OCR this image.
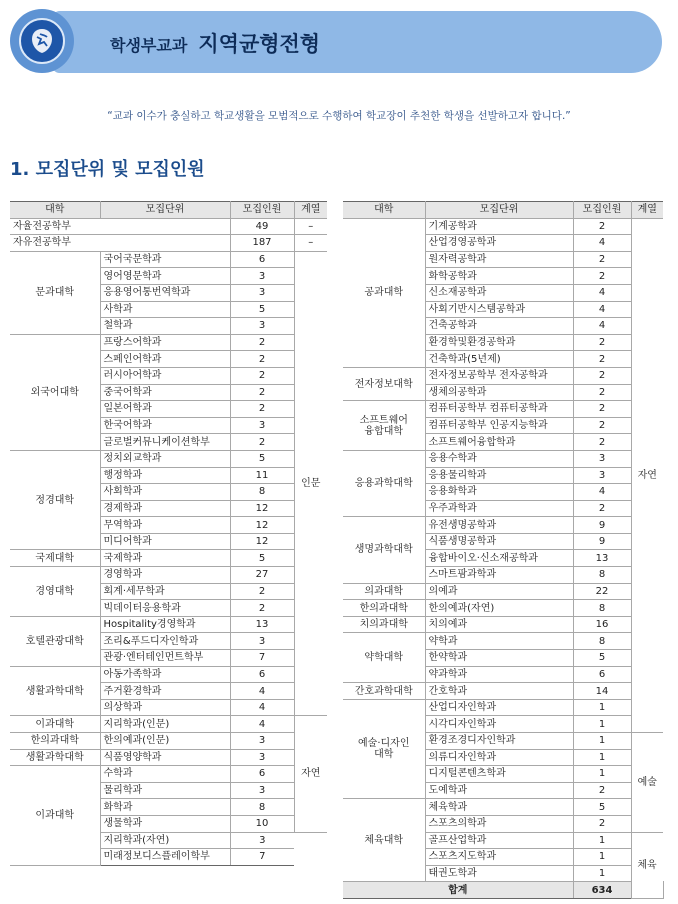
학생부교과 지역균형전형
“교과 이수가 충실하고 학교생활을 모범적으로 수행하여 학교장이 추천한 학생을 선발하고자 합니다.”
1. 모집단위 및 모집인원
대학	모집단위	모집인원	계열
자율전공학부		49	–
자유전공학부		187	–
문과대학	국어국문학과	6	인문
	영어영문학과	3	
	응용영어통번역학과	3	
	사학과	5	
	철학과	3	
외국어대학	프랑스어학과	2	
	스페인어학과	2	
	러시아어학과	2	
	중국어학과	2	
	일본어학과	2	
	한국어학과	3	
	글로벌커뮤니케이션학부	2	
정경대학	정치외교학과	5	
	행정학과	11	
	사회학과	8	
	경제학과	12	
	무역학과	12	
	미디어학과	12	
국제대학	국제학과	5	
경영대학	경영학과	27	
	회계·세무학과	2	
	빅데이터응용학과	2	
호텔관광대학	Hospitality경영학과	13	
	조리&푸드디자인학과	3	
	관광·엔터테인먼트학부	7	
생활과학대학	아동가족학과	6	
	주거환경학과	4	
	의상학과	4	
이과대학	지리학과(인문)	4	자연
한의과대학	한의예과(인문)	3	
생활과학대학	식품영양학과	3	
이과대학	수학과	6	
	물리학과	3	
	화학과	8	
	생물학과	10	
	지리학과(자연)	3	
	미래정보디스플레이학부	7	
대학	모집단위	모집인원	계열	
공과대학	기계공학과	2	자연	
	산업경영공학과	4		
	원자력공학과	2		
	화학공학과	2		
	신소재공학과	4		
	사회기반시스템공학과	4		
	건축공학과	4		
	환경학및환경공학과	2		
	건축학과(5년제)	2		
전자정보대학	전자정보공학부 전자공학과	2		
	생체의공학과	2		
소프트웨어
융합대학	컴퓨터공학부 컴퓨터공학과	2		
	컴퓨터공학부 인공지능학과	2		
	소프트웨어융합학과	2		
응용과학대학	응용수학과	3		
	응용물리학과	3		
	응용화학과	4		
	우주과학과	2		
생명과학대학	유전생명공학과	9		
	식품생명공학과	9		
	융합바이오·신소재공학과	13		
	스마트팜과학과	8		
의과대학	의예과	22		
한의과대학	한의예과(자연)	8		
치의과대학	치의예과	16		
약학대학	약학과	8		
	한약학과	5		
	약과학과	6		
간호과학대학	간호학과	14		
예술·디자인
대학	산업디자인학과	1		
	시각디자인학과	1		
	환경조경디자인학과	1	예술	
	의류디자인학과	1		
	디지털콘텐츠학과	1		
	도예학과	2		
체육대학	체육학과	5		
	스포츠의학과	2		
	골프산업학과	1	체육	
	스포츠지도학과	1		
	태권도학과	1		
합계		634		
